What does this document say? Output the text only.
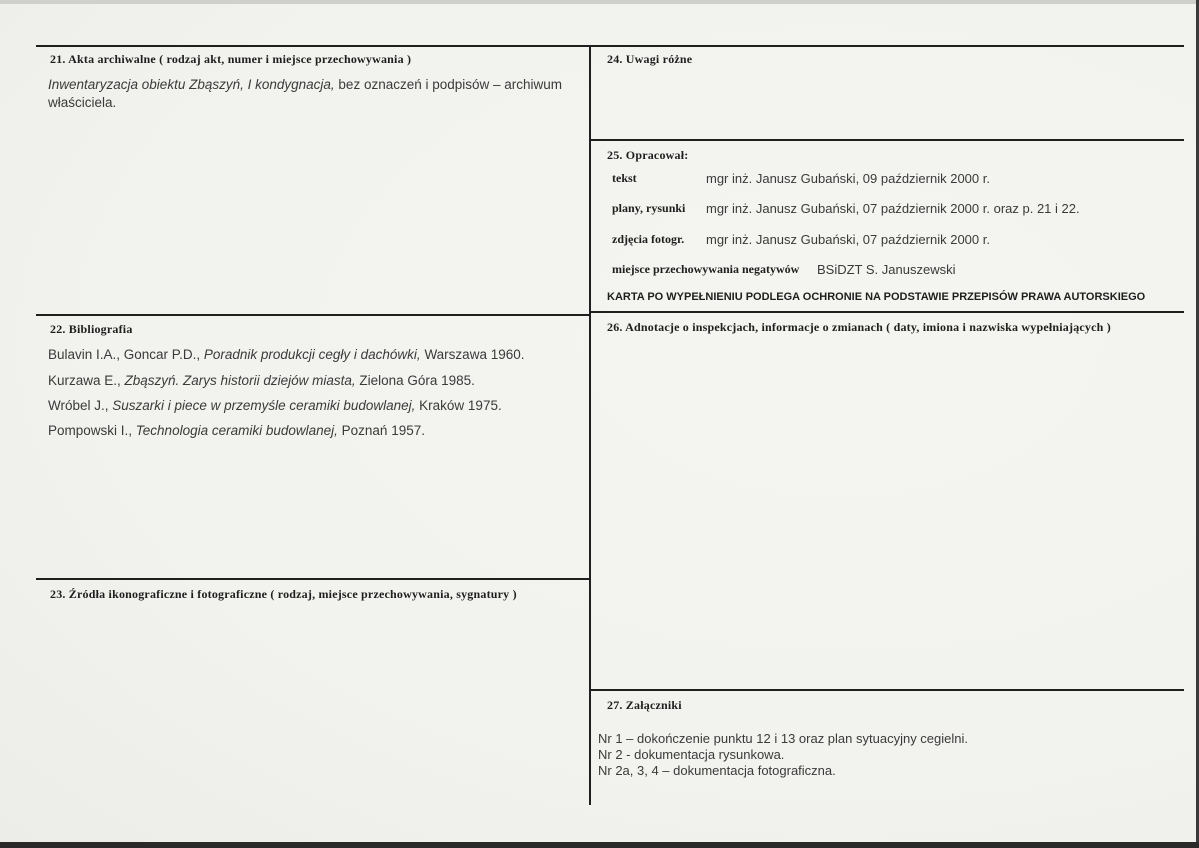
21. Akta archiwalne ( rodzaj akt, numer i miejsce przechowywania )
Inwentaryzacja obiektu Zbąszyń, I kondygnacja, bez oznaczeń i podpisów – archiwum
właściciela.
22. Bibliografia
Bulavin I.A., Goncar P.D., Poradnik produkcji cegły i dachówki, Warszawa 1960.
Kurzawa E., Zbąszyń. Zarys historii dziejów miasta, Zielona Góra 1985.
Wróbel J., Suszarki i piece w przemyśle ceramiki budowlanej, Kraków 1975.
Pompowski I., Technologia ceramiki budowlanej, Poznań 1957.
23. Źródła ikonograficzne i fotograficzne ( rodzaj, miejsce przechowywania, sygnatury )
24. Uwagi różne
25. Opracował:
tekst	mgr inż. Janusz Gubański, 09 październik 2000 r.
plany, rysunki mgr inż. Janusz Gubański, 07 październik 2000 r. oraz p. 21 i 22.
zdjęcia fotogr. mgr inż. Janusz Gubański, 07 październik 2000 r.
miejsce przechowywania negatywów BSiDZT S. Januszewski
KARTA PO WYPEŁNIENIU PODLEGA OCHRONIE NA PODSTAWIE PRZEPISÓW PRAWA AUTORSKIEGO
26. Adnotacje o inspekcjach, informacje o zmianach ( daty, imiona i nazwiska wypełniających )
27. Załączniki
Nr 1 – dokończenie punktu 12 i 13 oraz plan sytuacyjny cegielni.
Nr 2 - dokumentacja rysunkowa.
Nr 2a, 3, 4 – dokumentacja fotograficzna.
